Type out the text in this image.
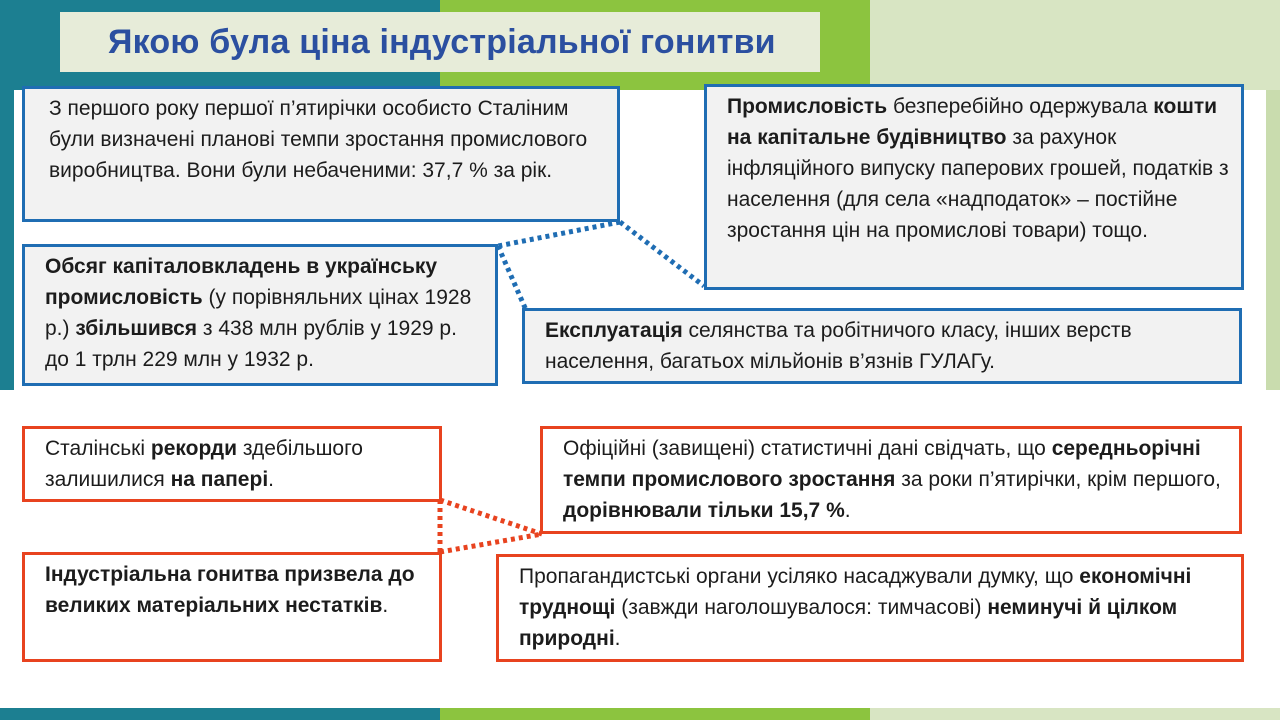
Якою була ціна індустріальної гонитви
З першого року першої п’ятирічки особисто Сталіним були визначені планові темпи зростання промислового виробництва. Вони були небаченими: 37,7 % за рік.
Промисловість безперебійно одержувала кошти на капітальне будівництво за рахунок інфляційного випуску паперових грошей, податків з населення (для села «надподаток» – постійне зростання цін на промислові товари) тощо.
Обсяг капіталовкладень в українську промисловість (у порівняльних цінах 1928 р.) збільшився з 438 млн рублів у 1929 р. до 1 трлн 229 млн у 1932 р.
Експлуатація селянства та робітничого класу, інших верств населення, багатьох мільйонів в’язнів ГУЛАГу.
Сталінські рекорди здебільшого залишилися на папері.
Офіційні (завищені) статистичні дані свідчать, що середньорічні темпи промислового зростання за роки п’ятирічки, крім першого, дорівнювали тільки 15,7 %.
Індустріальна гонитва призвела до великих матеріальних нестатків.
Пропагандистські органи усіляко насаджували думку, що економічні труднощі (завжди наголошувалося: тимчасові) неминучі й цілком природні.
